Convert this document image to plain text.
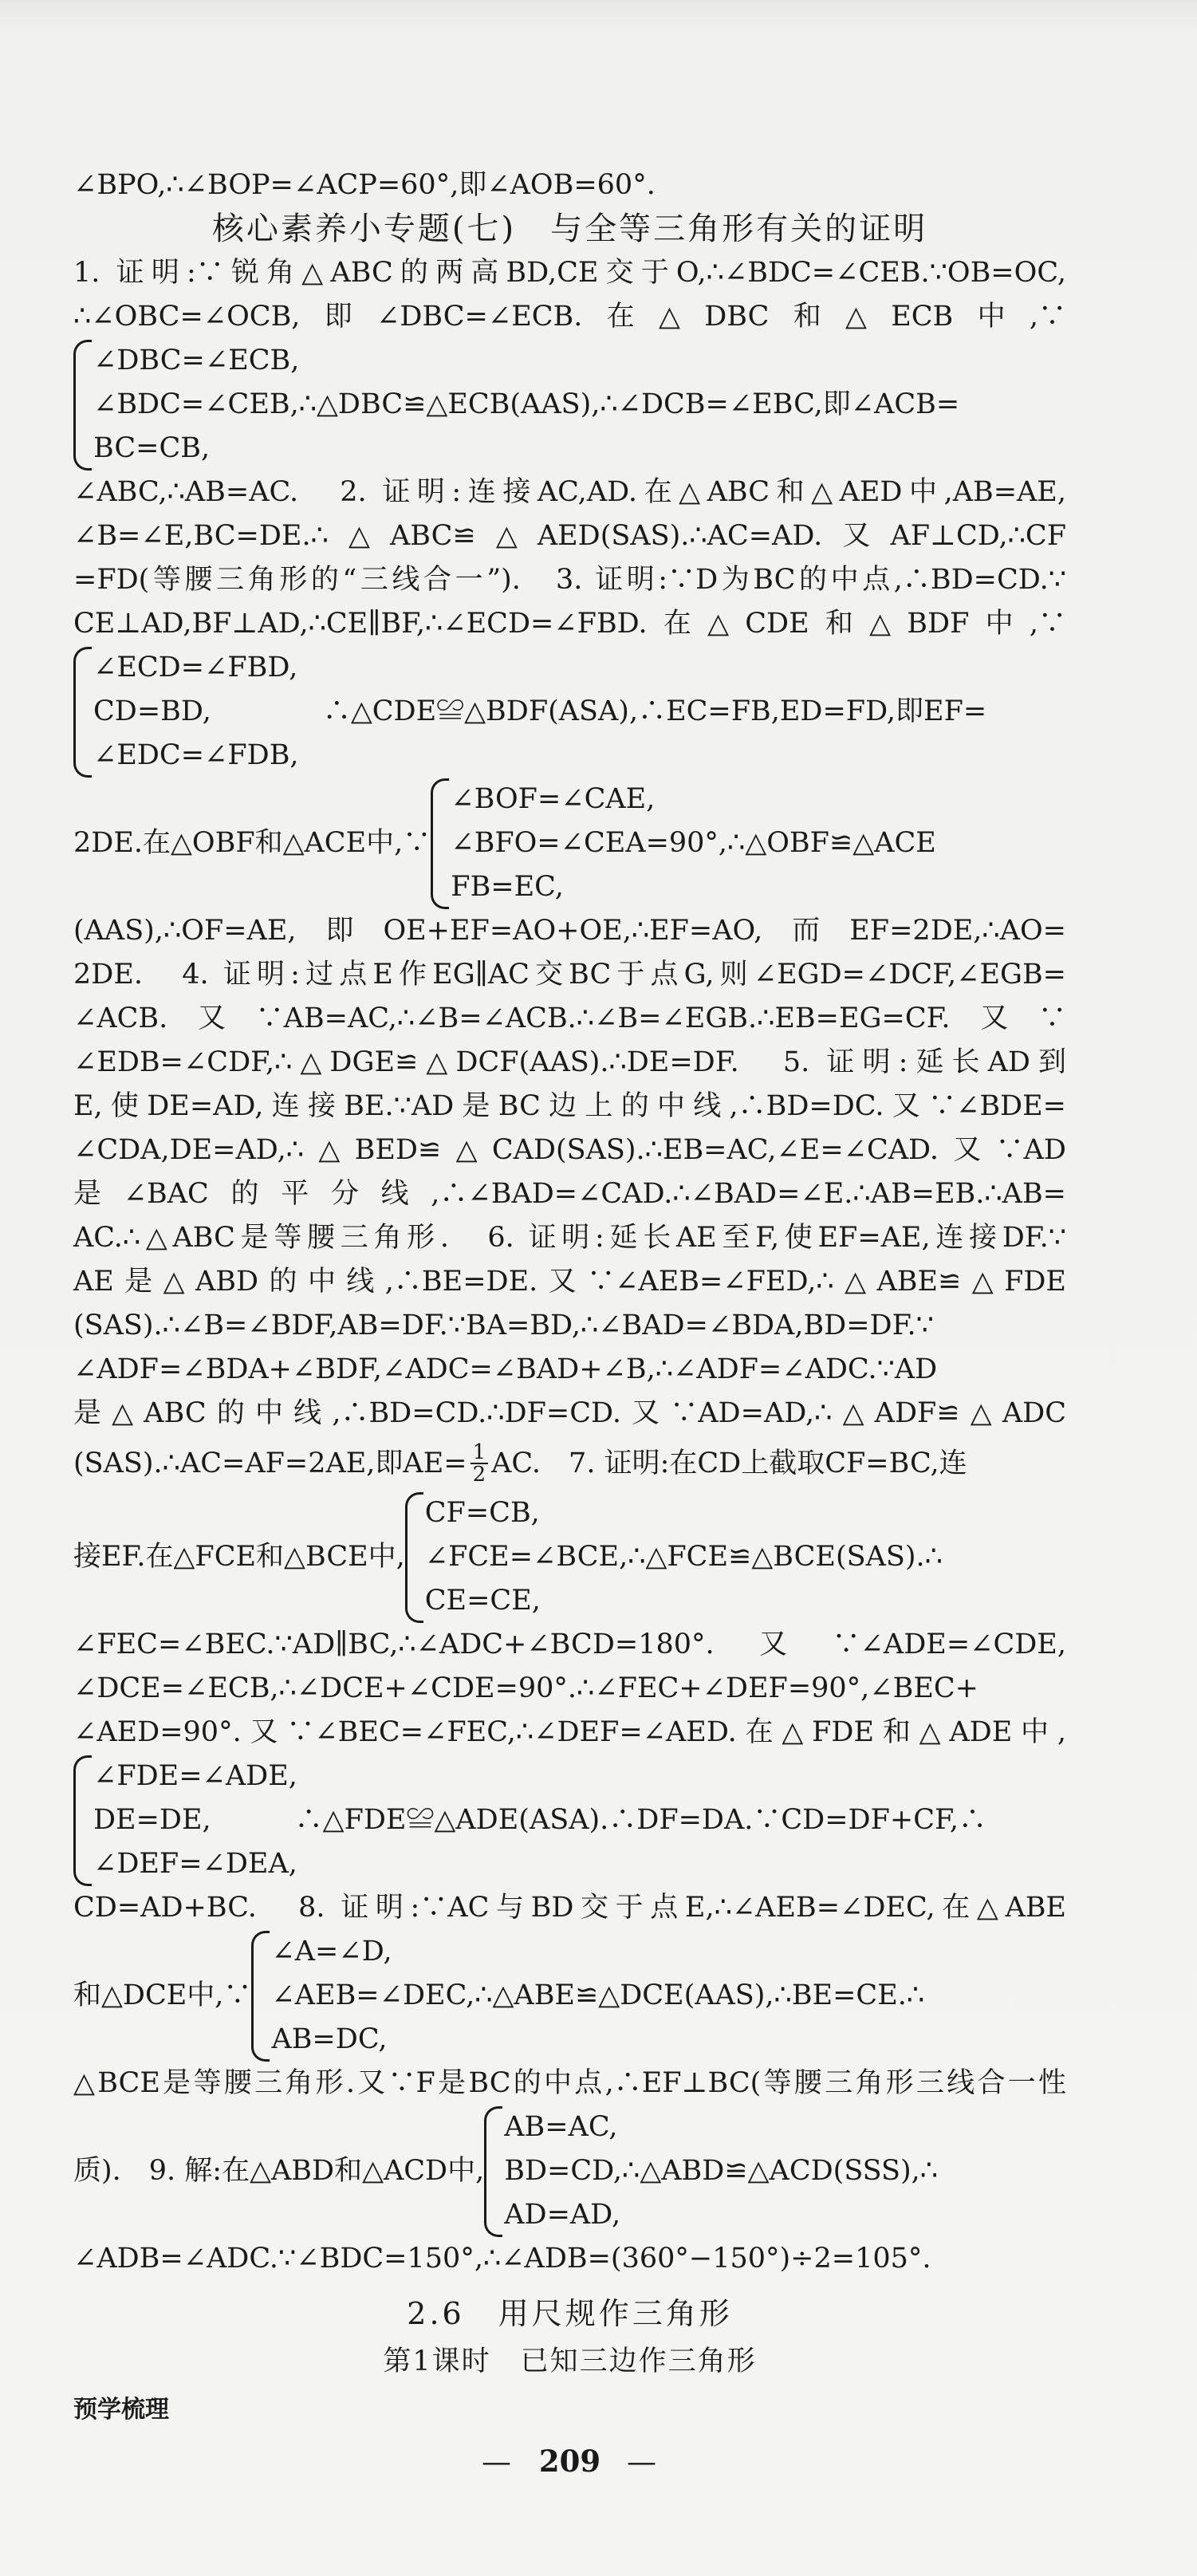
∠BPO,∴∠BOP=∠ACP=60°,即∠AOB=60°.
核心素养小专题(七)　与全等三角形有关的证明
1. 证明:∵锐角△ABC的两高BD,CE交于O,∴∠BDC=∠CEB.∵OB=OC,
∴∠OBC=∠OCB,即∠DBC=∠ECB.在△DBC和△ECB中,∵
∠DBC=∠ECB,
∠BDC=∠CEB,∴△DBC≌△ECB(AAS),∴∠DCB=∠EBC,即∠ACB=
BC=CB,
∠ABC,∴AB=AC.　2. 证明:连接AC,AD.在△ABC和△AED中,AB=AE,
∠B=∠E,BC=DE.∴△ABC≌△AED(SAS).∴AC=AD.又AF⊥CD,∴CF
=FD(等腰三角形的“三线合一”).　3. 证明:∵D为BC的中点,∴BD=CD.∵
CE⊥AD,BF⊥AD,∴CE∥BF,∴∠ECD=∠FBD.在△CDE和△BDF中,∵
∠ECD=∠FBD,
CD=BD,　　　　∴△CDE≌△BDF(ASA),∴EC=FB,ED=FD,即EF=
∠EDC=∠FDB,
2DE.在△OBF和△ACE中,∵
∠BOF=∠CAE,
∠BFO=∠CEA=90°,∴△OBF≌△ACE
FB=EC,
(AAS),∴OF=AE,即OE+EF=AO+OE,∴EF=AO,而EF=2DE,∴AO=
2DE.　4. 证明:过点E作EG∥AC交BC于点G,则∠EGD=∠DCF,∠EGB=
∠ACB.又∵AB=AC,∴∠B=∠ACB.∴∠B=∠EGB.∴EB=EG=CF.又∵
∠EDB=∠CDF,∴△DGE≌△DCF(AAS).∴DE=DF.　5. 证明:延长AD到
E,使DE=AD,连接BE.∵AD是BC边上的中线,∴BD=DC.又∵∠BDE=
∠CDA,DE=AD,∴△BED≌△CAD(SAS).∴EB=AC,∠E=∠CAD.又∵AD
是∠BAC的平分线,∴∠BAD=∠CAD.∴∠BAD=∠E.∴AB=EB.∴AB=
AC.∴△ABC是等腰三角形.　6. 证明:延长AE至F,使EF=AE,连接DF.∵
AE是△ABD的中线,∴BE=DE.又∵∠AEB=∠FED,∴△ABE≌△FDE
(SAS).∴∠B=∠BDF,AB=DF.∵BA=BD,∴∠BAD=∠BDA,BD=DF.∵
∠ADF=∠BDA+∠BDF,∠ADC=∠BAD+∠B,∴∠ADF=∠ADC.∵AD
是△ABC的中线,∴BD=CD.∴DF=CD.又∵AD=AD,∴△ADF≌△ADC
(SAS).∴AC=AF=2AE,即$AE= \frac{1}{2}$ AC.　7. 证明:在CD上截取CF=BC,连
接EF.在△FCE和△BCE中,
CF=CB,
∠FCE=∠BCE,∴△FCE≌△BCE(SAS).∴
CE=CE,
∠FEC=∠BEC.∵AD∥BC,∴∠ADC+∠BCD=180°.又∵∠ADE=∠CDE,
∠DCE=∠ECB,∴∠DCE+∠CDE=90°.∴∠FEC+∠DEF=90°,∠BEC+
∠AED=90°.又∵∠BEC=∠FEC,∴∠DEF=∠AED.在△FDE和△ADE中,
∠FDE=∠ADE,
DE=DE,　　　∴△FDE≌△ADE(ASA).∴DF=DA.∵CD=DF+CF,∴
∠DEF=∠DEA,
CD=AD+BC.　8. 证明:∵AC与BD交于点E,∴∠AEB=∠DEC,在△ABE
和△DCE中,∵
∠A=∠D,
∠AEB=∠DEC,∴△ABE≌△DCE(AAS),∴BE=CE.∴
AB=DC,
△BCE是等腰三角形.又∵F是BC的中点,∴EF⊥BC(等腰三角形三线合一性
质).　9. 解:在△ABD和△ACD中,
AB=AC,
BD=CD,∴△ABD≌△ACD(SSS),∴
AD=AD,
∠ADB=∠ADC.∵∠BDC=150°,∴∠ADB=(360°−150°)÷2=105°.
2.6　用尺规作三角形
第1课时　已知三边作三角形
预学梳理
— 209 —
